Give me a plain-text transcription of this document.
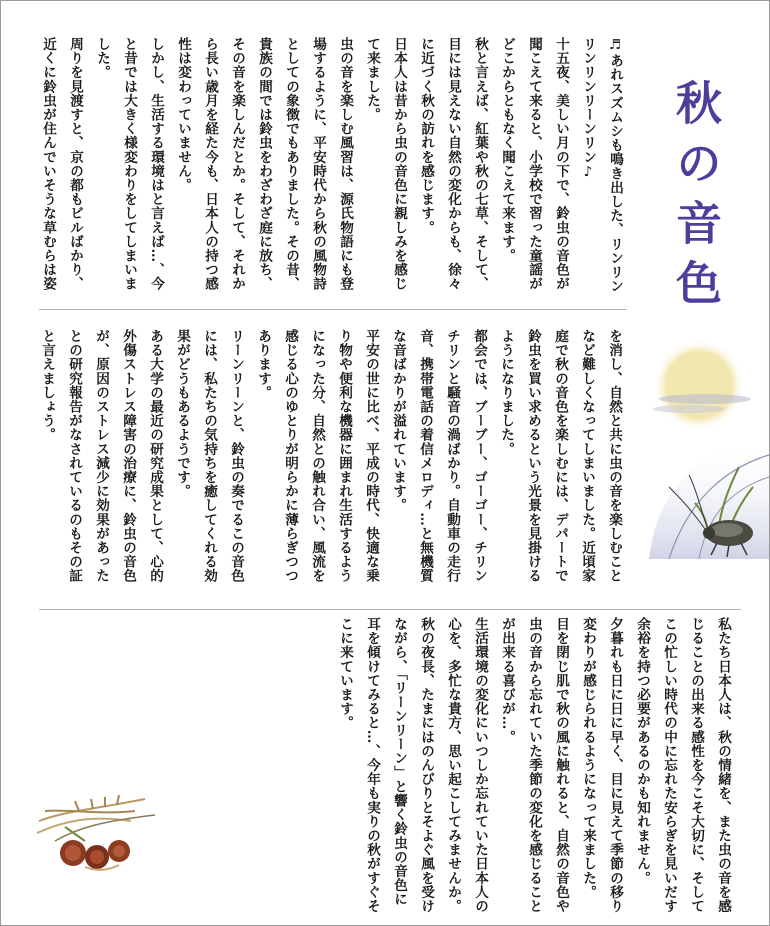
秋の音色

♬あれスズムシも鳴き出した、リンリンリンリンリーンリン♪

十五夜、美しい月の下で、鈴虫の音色が聞こえて来ると、小学校で習った童謡がどこからともなく聞こえて来ます。

秋と言えば、紅葉や秋の七草、そして、目には見えない自然の変化からも、徐々に近づく秋の訪れを感じます。

日本人は昔から虫の音色に親しみを感じて来ました。

虫の音を楽しむ風習は、源氏物語にも登場するように、平安時代から秋の風物詩としての象徴でもありました。その昔、貴族の間では鈴虫をわざわざ庭に放ち、その音を楽しんだとか。そして、それから長い歳月を経た今も、日本人の持つ感性は変わっていません。

しかし、生活する環境はと言えば…、今と昔では大きく様変わりをしてしまいました。

周りを見渡すと、京の都もビルばかり、近くに鈴虫が住んでいそうな草むらは姿

を消し、自然と共に虫の音を楽しむことなど難しくなってしまいました。近頃家庭で秋の音色を楽しむには、デパートで鈴虫を買い求めるという光景を見掛けるようになりました。

都会では、ブーブー、ゴーゴー、チリンチリンと騒音の渦ばかり。自動車の走行音、携帯電話の着信メロディ…と無機質な音ばかりが溢れています。

平安の世に比べ、平成の時代、快適な乗り物や便利な機器に囲まれ生活するようになった分、自然との触れ合い、風流を感じる心のゆとりが明らかに薄らぎつつあります。

リーンリーンと、鈴虫の奏でるこの音色には、私たちの気持ちを癒してくれる効果がどうもあるようです。

ある大学の最近の研究成果として、心的外傷ストレス障害の治療に、鈴虫の音色が、原因のストレス減少に効果があったとの研究報告がなされているのもその証と言えましょう。

私たち日本人は、秋の情緒を、また虫の音を感じることの出来る感性を今こそ大切に、そしてこの忙しい時代の中に忘れた安らぎを見いだす余裕を持つ必要があるのかも知れません。

夕暮れも日に日に早く、目に見えて季節の移り変わりが感じられるようになって来ました。

目を閉じ肌で秋の風に触れると、自然の音色や虫の音から忘れていた季節の変化を感じることが出来る喜びが…。

生活環境の変化にいつしか忘れていた日本人の心を、多忙な貴方、思い起こしてみませんか。

秋の夜長、たまにはのんびりとそよぐ風を受けながら、「リーンリーン」と響く鈴虫の音色に耳を傾けてみると…、今年も実りの秋がすぐそこに来ています。
